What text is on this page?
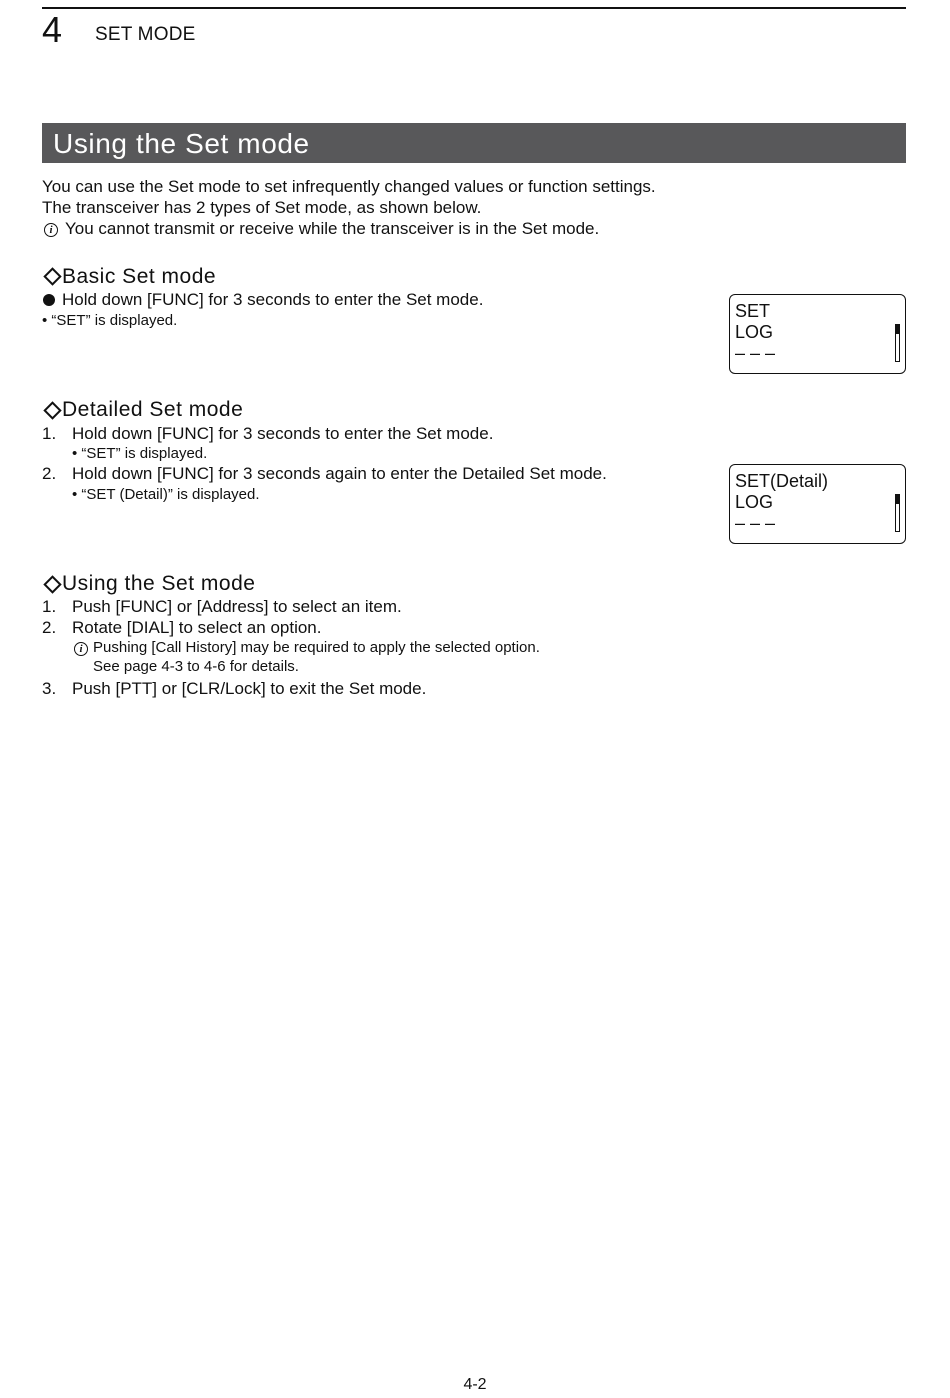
4 SET MODE
Using the Set mode
You can use the Set mode to set infrequently changed values or function settings.
The transceiver has 2 types of Set mode, as shown below.
i You cannot transmit or receive while the transceiver is in the Set mode.
Basic Set mode
Hold down [FUNC] for 3 seconds to enter the Set mode.
• “SET” is displayed.	SET
LOG
– – –
Detailed Set mode
1. Hold down [FUNC] for 3 seconds to enter the Set mode.
• “SET” is displayed.
2. Hold down [FUNC] for 3 seconds again to enter the Detailed Set mode.
• “SET (Detail)” is displayed.
SET(Detail)
LOG
– – –
Using the Set mode
1. Push [FUNC] or [Address] to select an item.
2. Rotate [DIAL] to select an option.
i Pushing [Call History] may be required to apply the selected option.
See page 4-3 to 4-6 for details.
3. Push [PTT] or [CLR/Lock] to exit the Set mode.
4-2
